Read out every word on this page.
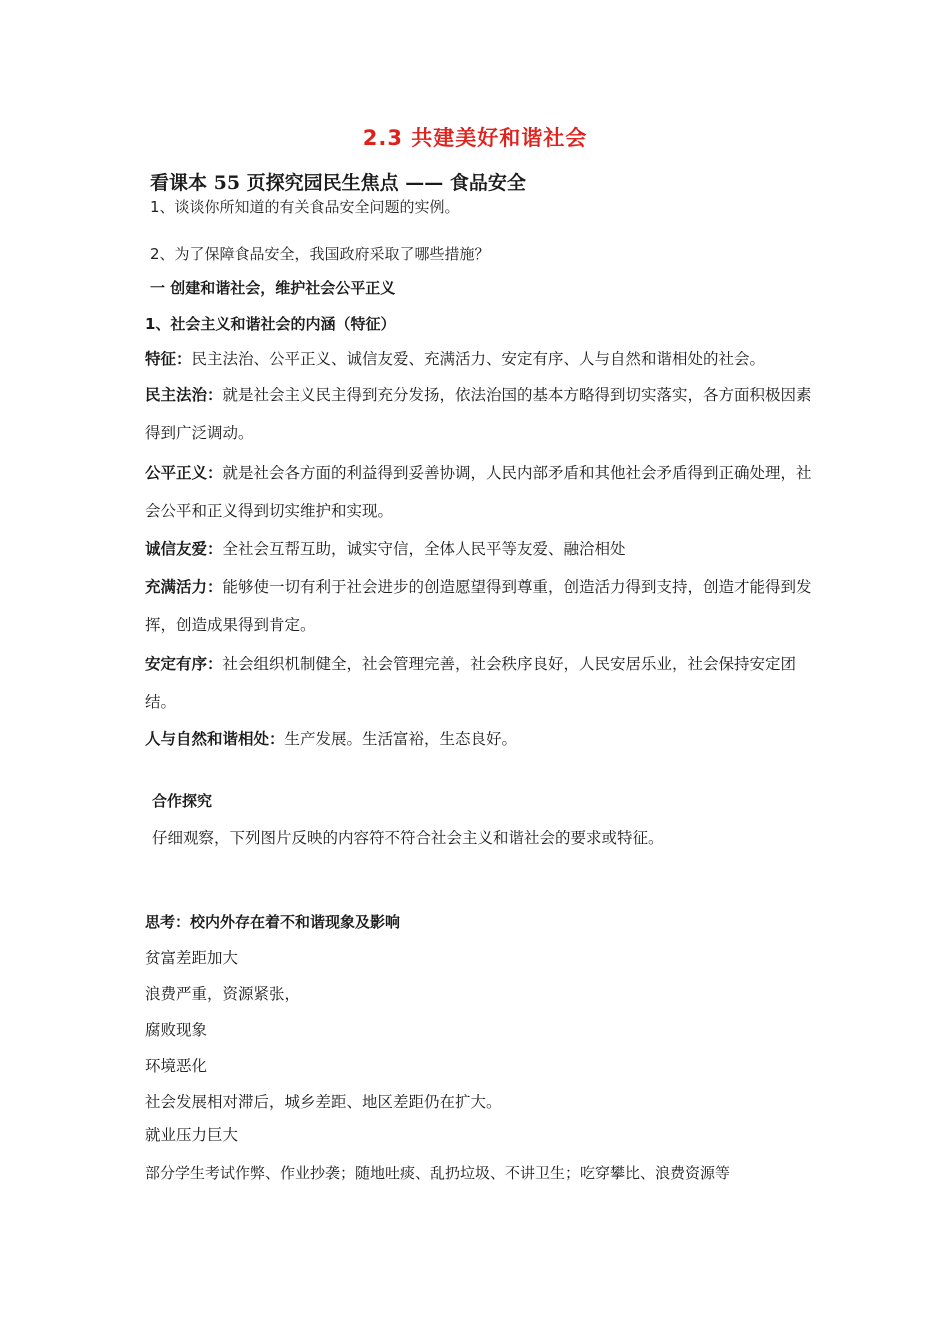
2.3 共建美好和谐社会
看课本 55 页探究园民生焦点 —— 食品安全
1、谈谈你所知道的有关食品安全问题的实例。
2、为了保障食品安全，我国政府采取了哪些措施？
一 创建和谐社会，维护社会公平正义
1、社会主义和谐社会的内涵（特征）
特征：民主法治、公平正义、诚信友爱、充满活力、安定有序、人与自然和谐相处的社会。
民主法治：就是社会主义民主得到充分发扬，依法治国的基本方略得到切实落实，各方面积极因素得到广泛调动。
公平正义：就是社会各方面的利益得到妥善协调，人民内部矛盾和其他社会矛盾得到正确处理，社会公平和正义得到切实维护和实现。
诚信友爱：全社会互帮互助，诚实守信，全体人民平等友爱、融洽相处
充满活力：能够使一切有利于社会进步的创造愿望得到尊重，创造活力得到支持，创造才能得到发挥，创造成果得到肯定。
安定有序：社会组织机制健全，社会管理完善，社会秩序良好，人民安居乐业，社会保持安定团结。
人与自然和谐相处：生产发展。生活富裕，生态良好。
合作探究
仔细观察，下列图片反映的内容符不符合社会主义和谐社会的要求或特征。
思考：校内外存在着不和谐现象及影响
贫富差距加大
浪费严重，资源紧张，
腐败现象
环境恶化
社会发展相对滞后，城乡差距、地区差距仍在扩大。
就业压力巨大
部分学生考试作弊、作业抄袭；随地吐痰、乱扔垃圾、不讲卫生；吃穿攀比、浪费资源等
